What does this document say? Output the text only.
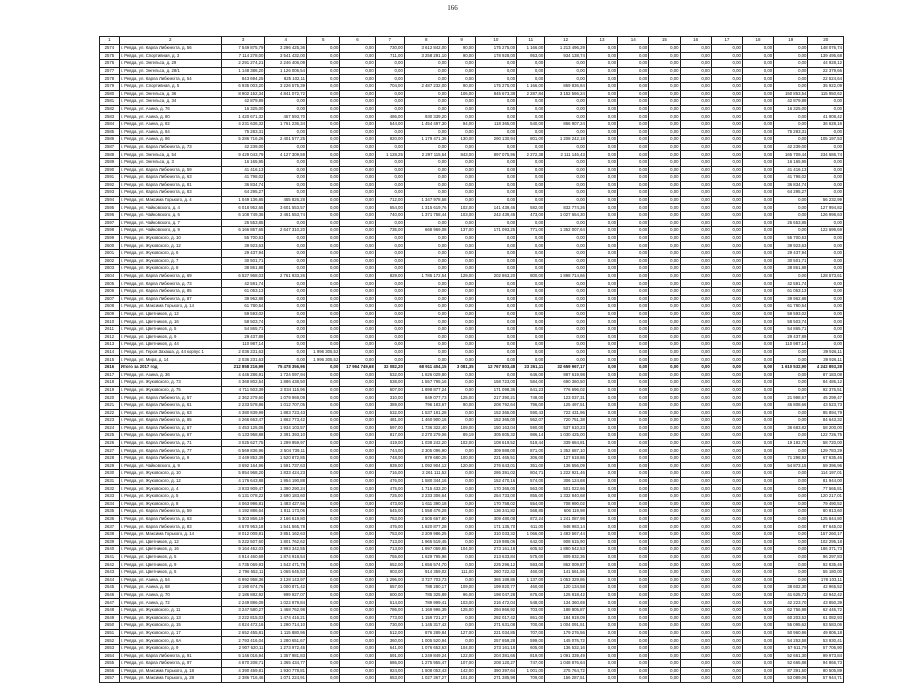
166
1	2	3	4	5	6	7	8	9	10	11	12	13	14	15	16	17	18	19	20
2574	г. Ревда, ул. Карла Либкнехта, д. 56	7 549 875,79	3 296 425,36	0,00	0,00	730,00	3 612 842,00	90,00	175 275,00	1 166,00	1 213 496,29	0,00	0,00	0,00	0,00	0,00	0,00	0,00	148 076,74
2575	г. Ревда, ул. Спортивная, д. 3	7 114 278,00	3 541 432,00	0,00	0,00	711,00	3 258 291,10	90,00	178 928,00	953,00	934 138,74	0,00	0,00	0,00	0,00	0,00	0,00	0,00	139 495,68
2576	г. Ревда, ул. Энгельса, д. 29	2 291 274,21	2 246 406,09	0,00	0,00	0,00	0,00	0,00	0,00	0,00	0,00	0,00	0,00	0,00	0,00	0,00	0,00	0,00	44 928,12
2577	г. Ревда, ул. Энгельса, д. 28/1	1 148 386,20	1 126 006,54	0,00	0,00	0,00	0,00	0,00	0,00	0,00	0,00	0,00	0,00	0,00	0,00	0,00	0,00	0,00	22 379,66
2578	г. Ревда, ул. Карла Либкнехта, д. 54	843 694,25	825 102,11	0,00	0,00	0,00	0,00	0,00	0,00	0,00	0,00	0,00	0,00	0,00	0,00	0,00	0,00	0,00	22 524,64
2579	г. Ревда, ул. Спортивная, д. 5	6 935 003,20	3 226 575,39	0,00	0,00	704,00	2 487 232,00	90,00	175 275,00	1 166,00	869 836,84	0,00	0,00	0,00	0,00	0,00	0,00	0,00	35 922,09
2580	г. Ревда, ул. Энгельса, д. 36	8 902 152,34	4 841 072,72	0,00	0,00	0,00	0,00	106,00	845 673,38	2 287,84	3 152 566,24	0,00	0,00	0,00	0,00	0,00	0,00	150 853,54	115 950,62
2581	г. Ревда, ул. Энгельса, д. 34	42 879,89	0,00	0,00	0,00	0,00	0,00	0,00	0,00	0,00	0,00	0,00	0,00	0,00	0,00	0,00	0,00	42 879,89	0,00
2582	г. Ревда, ул. Азина, д. 76	16 325,00	0,00	0,00	0,00	0,00	0,00	0,00	0,00	0,00	0,00	0,00	0,00	0,00	0,00	0,00	0,00	16 325,00	0,00
2583	г. Ревда, ул. Азина, д. 80	1 420 671,32	457 593,70	0,00	0,00	486,00	930 339,20	0,00	0,00	0,00	0,00	0,00	0,00	0,00	0,00	0,00	0,00	0,00	41 908,42
2584	г. Ревда, ул. Азина, д. 82	4 231 636,32	1 761 236,34	0,00	0,00	544,00	1 454 497,30	94,00	118 365,00	540,00	866 907,24	0,00	0,00	0,00	0,00	0,00	0,00	0,00	36 628,16
2585	г. Ревда, ул. Азина, д. 84	75 283,31	0,00	0,00	0,00	0,00	0,00	0,00	0,00	0,00	0,00	0,00	0,00	0,00	0,00	0,00	0,00	75 283,31	0,00
2586	г. Ревда, ул. Азина, д. 86	5 286 716,26	2 401 577,25	0,00	0,00	920,00	1 179 471,36	130,00	290 130,94	801,00	1 208 242,18	0,00	0,00	0,00	0,00	0,00	0,00	0,00	105 197,53
2587	г. Ревда, ул. Карла Либкнехта, д. 73	42 239,00	0,00	0,00	0,00	0,00	0,00	0,00	0,00	0,00	0,00	0,00	0,00	0,00	0,00	0,00	0,00	42 239,00	0,00
2588	г. Ревда, ул. Энгельса, д. 54	9 429 043,79	4 127 309,59	0,00	0,00	1 128,25	2 297 115,64	843,00	897 075,96	2 272,38	2 111 146,43	0,00	0,00	0,00	0,00	0,00	0,00	165 709,44	234 686,74
2589	г. Ревда, ул. Энгельса, д. 3	16 165,95	0,00	0,00	0,00	0,00	0,00	0,00	0,00	0,00	0,00	0,00	0,00	0,00	0,00	0,00	0,00	16 165,95	0,00
2590	г. Ревда, ул. Карла Либкнехта, д. 59	41 416,13	0,00	0,00	0,00	0,00	0,00	0,00	0,00	0,00	0,00	0,00	0,00	0,00	0,00	0,00	0,00	41 416,13	0,00
2591	г. Ревда, ул. Карла Либкнехта, д. 63	41 798,02	0,00	0,00	0,00	0,00	0,00	0,00	0,00	0,00	0,00	0,00	0,00	0,00	0,00	0,00	0,00	41 798,02	0,00
2592	г. Ревда, ул. Карла Либкнехта, д. 81	36 834,74	0,00	0,00	0,00	0,00	0,00	0,00	0,00	0,00	0,00	0,00	0,00	0,00	0,00	0,00	0,00	36 834,74	0,00
2593	г. Ревда, ул. Карла Либкнехта, д. 83	64 295,27	0,00	0,00	0,00	0,00	0,00	0,00	0,00	0,00	0,00	0,00	0,00	0,00	0,00	0,00	0,00	64 295,27	0,00
2594	г. Ревда, ул. Максима Горького, д. 4	1 049 136,85	455 826,28	0,00	0,00	712,00	1 347 978,58	0,00	0,00	0,00	0,00	0,00	0,00	0,00	0,00	0,00	0,00	0,00	56 232,99
2595	г. Ревда, ул. Чайковского, д. 4	6 018 952,65	3 601 553,57	0,00	0,00	654,00	1 315 619,76	102,00	141 439,46	582,00	832 774,26	0,00	0,00	0,00	0,00	0,00	0,00	0,00	127 994,82
2596	г. Ревда, ул. Чайковского, д. 6	6 108 749,36	2 461 553,74	0,00	0,00	740,00	1 371 758,44	103,00	242 439,46	473,00	1 027 654,30	0,00	0,00	0,00	0,00	0,00	0,00	0,00	126 998,63
2597	г. Ревда, ул. Чайковского, д. 7	25 553,85	0,00	0,00	0,00	0,00	0,00	0,00	0,00	0,00	0,00	0,00	0,00	0,00	0,00	0,00	0,00	25 553,85	0,00
2598	г. Ревда, ул. Чайковского, д. 9	6 166 857,65	2 647 310,20	0,00	0,00	735,00	668 969,08	137,00	171 093,25	771,00	1 352 007,64	0,00	0,00	0,00	0,00	0,00	0,00	0,00	122 699,69
2599	г. Ревда, ул. Жуковского, д. 10	55 700,53	0,00	0,00	0,00	0,00	0,00	0,00	0,00	0,00	0,00	0,00	0,00	0,00	0,00	0,00	0,00	55 700,53	0,00
2600	г. Ревда, ул. Жуковского, д. 12	39 923,63	0,00	0,00	0,00	0,00	0,00	0,00	0,00	0,00	0,00	0,00	0,00	0,00	0,00	0,00	0,00	39 923,63	0,00
2601	г. Ревда, ул. Жуковского, д. 6	29 437,94	0,00	0,00	0,00	0,00	0,00	0,00	0,00	0,00	0,00	0,00	0,00	0,00	0,00	0,00	0,00	29 437,94	0,00
2602	г. Ревда, ул. Жуковского, д. 7	30 501,71	0,00	0,00	0,00	0,00	0,00	0,00	0,00	0,00	0,00	0,00	0,00	0,00	0,00	0,00	0,00	30 501,71	0,00
2603	г. Ревда, ул. Жуковского, д. 8	38 861,88	0,00	0,00	0,00	0,00	0,00	0,00	0,00	0,00	0,00	0,00	0,00	0,00	0,00	0,00	0,00	38 861,88	0,00
2604	г. Ревда, ул. Карла Либкнехта, д. 69	6 527 968,03	2 761 933,26	0,00	0,00	829,00	1 785 172,54	129,00	202 863,20	800,00	1 898 714,66	0,00	0,00	0,00	0,00	0,00	0,00	0,00	128 573,61
2605	г. Ревда, ул. Карла Либкнехта, д. 73	42 591,74	0,00	0,00	0,00	0,00	0,00	0,00	0,00	0,00	0,00	0,00	0,00	0,00	0,00	0,00	0,00	42 591,74	0,00
2606	г. Ревда, ул. Карла Либкнехта, д. 85	61 053,13	0,00	0,00	0,00	0,00	0,00	0,00	0,00	0,00	0,00	0,00	0,00	0,00	0,00	0,00	0,00	61 053,13	0,00
2607	г. Ревда, ул. Карла Либкнехта, д. 87	39 962,88	0,00	0,00	0,00	0,00	0,00	0,00	0,00	0,00	0,00	0,00	0,00	0,00	0,00	0,00	0,00	39 962,88	0,00
2608	г. Ревда, ул. Максима Горького, д. 14	61 780,54	0,00	0,00	0,00	0,00	0,00	0,00	0,00	0,00	0,00	0,00	0,00	0,00	0,00	0,00	0,00	61 780,54	0,00
2609	г. Ревда, ул. Цветников, д. 12	59 593,02	0,00	0,00	0,00	0,00	0,00	0,00	0,00	0,00	0,00	0,00	0,00	0,00	0,00	0,00	0,00	59 593,02	0,00
2610	г. Ревда, ул. Цветников, д. 16	58 503,74	0,00	0,00	0,00	0,00	0,00	0,00	0,00	0,00	0,00	0,00	0,00	0,00	0,00	0,00	0,00	58 503,74	0,00
2611	г. Ревда, ул. Цветников, д. 5	54 865,71	0,00	0,00	0,00	0,00	0,00	0,00	0,00	0,00	0,00	0,00	0,00	0,00	0,00	0,00	0,00	54 865,71	0,00
2612	г. Ревда, ул. Цветников, д. 9	29 437,89	0,00	0,00	0,00	0,00	0,00	0,00	0,00	0,00	0,00	0,00	0,00	0,00	0,00	0,00	0,00	29 437,89	0,00
2613	г. Ревда, ул. Цветников, д. 44	110 987,14	0,00	0,00	0,00	0,00	0,00	0,00	0,00	0,00	0,00	0,00	0,00	0,00	0,00	0,00	0,00	110 987,14	0,00
2614	г. Ревда, ул. Героя Захаша, д. 44 корпус 1	2 036 231,63	0,00	1 996 305,52	0,00	0,00	0,00	0,00	0,00	0,00	0,00	0,00	0,00	0,00	0,00	0,00	0,00	0,00	39 926,11
2615	г. Ревда, ул. Мира, д. 14	2 036 231,63	0,00	1 996 305,52	0,00	0,00	0,00	0,00	0,00	0,00	0,00	0,00	0,00	0,00	0,00	0,00	0,00	0,00	39 926,11
2616	Итого за 2017 год	212 858 216,99	75 478 356,96	0,00	17 964 749,68	32 082,20	68 911 404,15	3 081,35	12 767 803,48	23 261,11	32 659 967,17	0,00	0,00	0,00	0,00	0,00	0,00	1 610 532,90	4 242 893,28
2617	г. Ревда, ул. Азина, д. 36	4 446 286,91	1 724 097,94	0,00	0,00	532,00	1 626 029,80	0,00	0,00	646,00	987 619,98	0,00	0,00	0,00	0,00	0,00	0,00	0,00	87 183,08
2618	г. Ревда, ул. Жуковского, д. 73	4 368 802,54	1 886 438,50	0,00	0,00	538,00	1 557 795,16	0,00	158 723,00	584,00	690 360,50	0,00	0,00	0,00	0,00	0,00	0,00	0,00	84 486,12
2619	г. Ревда, ул. Жуковского, д. 75	4 711 503,39	2 034 115,96	0,00	0,00	607,00	1 898 877,24	0,00	171 098,36	641,23	776 696,02	0,00	0,00	0,00	0,00	0,00	0,00	0,00	92 376,51
2620	г. Ревда, ул. Карла Либкнехта, д. 57	2 362 279,60	1 079 969,09	0,00	0,00	310,00	849 077,73	125,00	217 390,21	748,00	123 037,31	0,00	0,00	0,00	0,00	0,00	0,00	21 998,67	45 299,47
2621	г. Ревда, ул. Карла Либкнехта, д. 61	2 233 578,86	1 012 707,05	0,00	0,00	389,00	796 183,67	90,00	208 792,64	796,00	125 497,51	0,00	0,00	0,00	0,00	0,00	0,00	46 808,66	43 523,73
2622	г. Ревда, ул. Карла Либкнехта, д. 63	4 380 839,99	1 883 723,43	0,00	0,00	532,00	1 537 181,28	0,00	152 365,00	590,43	722 431,96	0,00	0,00	0,00	0,00	0,00	0,00	0,00	85 894,79
2623	г. Ревда, ул. Карла Либкнехта, д. 65	4 266 663,47	1 862 773,42	0,00	0,00	481,00	1 460 900,16	0,00	152 365,00	562,07	720 751,38	0,00	0,00	0,00	0,00	0,00	0,00	0,00	84 643,32
2624	г. Ревда, ул. Карла Либкнехта, д. 67	4 453 125,06	1 934 103,57	0,00	0,00	597,00	1 736 322,40	109,00	150 163,04	590,00	537 610,23	0,00	0,00	0,00	0,00	0,00	0,00	36 683,82	58 200,00
2625	г. Ревда, ул. Карла Либкнехта, д. 67	6 133 958,88	2 391 393,10	0,00	0,00	817,00	2 270 279,06	89,19	305 805,32	986,14	1 030 425,00	0,00	0,00	0,00	0,00	0,00	0,00	0,00	122 726,75
2626	г. Ревда, ул. Карла Либкнехта, д. 71	3 025 627,75	1 299 959,97	0,00	0,00	419,00	1 038 242,20	102,00	108 619,52	519,44	339 684,81	0,00	0,00	0,00	0,00	0,00	0,00	19 192,70	58 720,00
2627	г. Ревда, ул. Карла Либкнехта, д. 77	6 569 836,96	2 504 739,11	0,00	0,00	744,00	2 305 096,90	0,00	309 989,00	871,00	1 352 687,10	0,00	0,00	0,00	0,00	0,00	0,00	0,00	129 783,29
2628	г. Ревда, ул. Карла Либкнехта, д. 9	3 449 852,39	1 520 872,85	0,00	0,00	748,00	879 680,25	100,00	221 465,51	306,00	127 618,86	0,00	0,00	0,00	0,00	0,00	0,00	71 298,92	67 635,46
2629	г. Ревда, ул. Чайковского, д. 9	3 692 164,96	1 591 737,63	0,00	0,00	839,00	1 092 904,12	120,00	276 643,01	351,00	136 556,09	0,00	0,00	0,00	0,00	0,00	0,00	54 873,15	59 396,96
2630	г. Ревда, ул. Жуковского, д. 10	5 854 968,20	1 833 424,23	0,00	0,00	716,00	2 261 111,52	0,00	286 391,02	804,71	1 222 921,46	0,00	0,00	0,00	0,00	0,00	0,00	0,00	114 197,01
2631	г. Ревда, ул. Жуковского, д. 12	4 176 643,88	1 954 190,88	0,00	0,00	476,00	1 580 344,16	0,00	152 470,16	574,00	306 124,68	0,00	0,00	0,00	0,00	0,00	0,00	0,00	81 944,00
2632	г. Ревда, ул. Жуковского, д. 4	3 933 909,47	1 390 290,24	0,00	0,00	475,00	1 715 433,20	0,00	170 365,00	563,00	501 022,66	0,00	0,00	0,00	0,00	0,00	0,00	0,00	77 565,81
2633	г. Ревда, ул. Жуковского, д. 5	6 131 078,22	2 590 183,60	0,00	0,00	725,00	2 233 306,64	0,00	254 733,00	855,00	1 332 840,68	0,00	0,00	0,00	0,00	0,00	0,00	0,00	120 217,01
2634	г. Ревда, ул. Жуковского, д. 8	4 063 996,81	1 483 427,56	0,00	0,00	473,00	1 611 390,18	0,00	170 758,02	554,00	708 990,02	0,00	0,00	0,00	0,00	0,00	0,00	0,00	79 490,52
2635	г. Ревда, ул. Карла Либкнехта, д. 59	4 192 886,64	1 811 173,06	0,00	0,00	545,00	1 558 476,28	0,00	136 341,82	568,85	606 119,98	0,00	0,00	0,00	0,00	0,00	0,00	0,00	80 813,60
2636	г. Ревда, ул. Карла Либкнехта, д. 63	5 303 866,19	2 166 619,80	0,00	0,00	753,00	2 505 667,80	0,00	309 480,08	872,24	1 241 087,98	0,00	0,00	0,00	0,00	0,00	0,00	0,00	125 844,80
2637	г. Ревда, ул. Карла Либкнехта, д. 83	4 570 963,18	1 541 565,78	0,00	0,00	476,00	1 620 877,28	0,00	171 135,70	611,00	948 983,14	0,00	0,00	0,00	0,00	0,00	0,00	0,00	87 645,02
2638	г. Ревда, ул. Максима Горького, д. 14	8 012 009,81	3 851 162,63	0,00	0,00	753,00	2 209 986,25	0,00	310 033,32	1 066,00	1 483 567,44	0,00	0,00	0,00	0,00	0,00	0,00	0,00	157 260,17
2639	г. Ревда, ул. Цветников, д. 12	5 222 507,60	1 801 762,62	0,00	0,00	713,00	1 965 519,45	0,00	219 985,06	642,00	908 615,90	0,00	0,00	0,00	0,00	0,00	0,00	0,00	102 295,18
2640	г. Ревда, ул. Цветников, д. 16	9 164 452,03	3 993 342,55	0,00	0,00	713,00	1 997 059,85	104,00	273 161,18	605,52	1 880 542,53	0,00	0,00	0,00	0,00	0,00	0,00	0,00	186 371,73
2641	г. Ревда, ул. Цветников, д. 5	4 914 460,69	1 874 918,54	0,00	0,00	755,00	1 629 795,96	0,00	213 633,84	575,00	809 832,36	0,00	0,00	0,00	0,00	0,00	0,00	0,00	96 297,83
2642	г. Ревда, ул. Цветников, д. 9	4 735 069,93	1 542 471,79	0,00	0,00	652,00	1 656 574,70	0,00	225 296,12	593,00	862 009,87	0,00	0,00	0,00	0,00	0,00	0,00	0,00	92 835,46
2643	г. Ревда, ул. Цветников, д. 5	2 796 652,11	1 065 645,53	0,00	0,00	903,00	914 359,02	111,00	260 722,42	460,00	141 561,56	0,00	0,00	0,00	0,00	0,00	0,00	0,00	55 180,00
2644	г. Ревда, ул. Азина, д. 54	6 992 958,36	3 128 143,97	0,00	0,00	1 296,00	3 727 703,73	0,00	365 189,86	1 137,00	1 053 329,86	0,00	0,00	0,00	0,00	0,00	0,00	0,00	178 103,11
2645	г. Ревда, ул. Азина, д. 68	2 190 674,76	1 000 871,42	0,00	0,00	557,00	788 280,17	109,00	199 820,77	460,00	120 134,58	0,00	0,00	0,00	0,00	0,00	0,00	38 602,30	42 965,52
2646	г. Ревда, ул. Азина, д. 70	2 186 882,92	999 927,07	0,00	0,00	600,00	785 325,89	96,00	198 047,28	675,00	125 918,42	0,00	0,00	0,00	0,00	0,00	0,00	41 625,73	42 942,42
2647	г. Ревда, ул. Азина, д. 72	2 249 886,09	1 022 879,84	0,00	0,00	514,00	789 999,41	103,00	216 472,04	548,00	134 360,69	0,00	0,00	0,00	0,00	0,00	0,00	42 223,70	43 850,39
2648	г. Ревда, ул. Жуковского, д. 11	3 247 580,27	1 468 762,98	0,00	0,00	786,00	1 169 996,39	125,00	294 866,92	703,00	188 805,87	0,00	0,00	0,00	0,00	0,00	0,00	62 756,98	62 446,72
2649	г. Ревда, ул. Жуковского, д. 13	3 222 815,03	1 474 416,21	0,00	0,00	773,00	1 159 721,27	0,00	292 017,42	861,00	184 919,09	0,00	0,00	0,00	0,00	0,00	0,00	60 203,52	61 082,93
2650	г. Ревда, ул. Жуковского, д. 15	4 824 472,16	1 290 714,10	0,00	0,00	730,00	1 145 317,42	0,00	271 631,08	700,00	1 004 091,51	0,00	0,00	0,00	0,00	0,00	0,00	55 095,62	93 583,06
2651	г. Ревда, ул. Жуковского, д. 17	2 652 455,81	1 115 880,96	0,00	0,00	512,00	876 289,84	127,00	221 034,85	707,00	179 276,56	0,00	0,00	0,00	0,00	0,00	0,00	50 960,96	49 806,18
2652	г. Ревда, ул. Жуковского, д. 6А	2 793 416,04	1 280 651,67	0,00	0,00	360,00	1 005 520,94	0,00	257 659,28	599,00	145 076,72	0,00	0,00	0,00	0,00	0,00	0,00	54 253,58	53 930,41
2653	г. Ревда, ул. Жуковского, д. 9	2 907 620,11	1 273 972,45	0,00	0,00	641,00	1 076 653,63	104,00	273 161,18	605,00	136 532,16	0,00	0,00	0,00	0,00	0,00	0,00	57 611,79	57 706,90
2654	г. Ревда, ул. Карла Либкнехта, д. 91	5 146 016,94	1 357 981,83	0,00	0,00	591,00	1 249 849,24	122,00	204 381,66	819,00	1 091 339,49	0,00	0,00	0,00	0,00	0,00	0,00	52 661,30	99 973,84
2655	г. Ревда, ул. Карла Либкнехта, д. 97	4 870 208,71	1 365 434,77	0,00	0,00	686,00	1 275 955,47	107,00	208 120,27	747,00	1 048 876,64	0,00	0,00	0,00	0,00	0,00	0,00	52 665,88	94 866,73
2656	г. Ревда, ул. Максима Горького, д. 18	4 390 459,81	1 930 778,81	0,00	0,00	924,00	1 508 053,43	142,00	390 397,64	1 001,00	275 764,72	0,00	0,00	0,00	0,00	0,00	0,00	87 391,50	80 505,89
2657	г. Ревда, ул. Максима Горького, д. 28	2 386 716,46	1 071 224,91	0,00	0,00	653,00	1 027 367,27	101,00	271 385,98	709,00	156 287,51	0,00	0,00	0,00	0,00	0,00	0,00	53 089,06	57 944,71
